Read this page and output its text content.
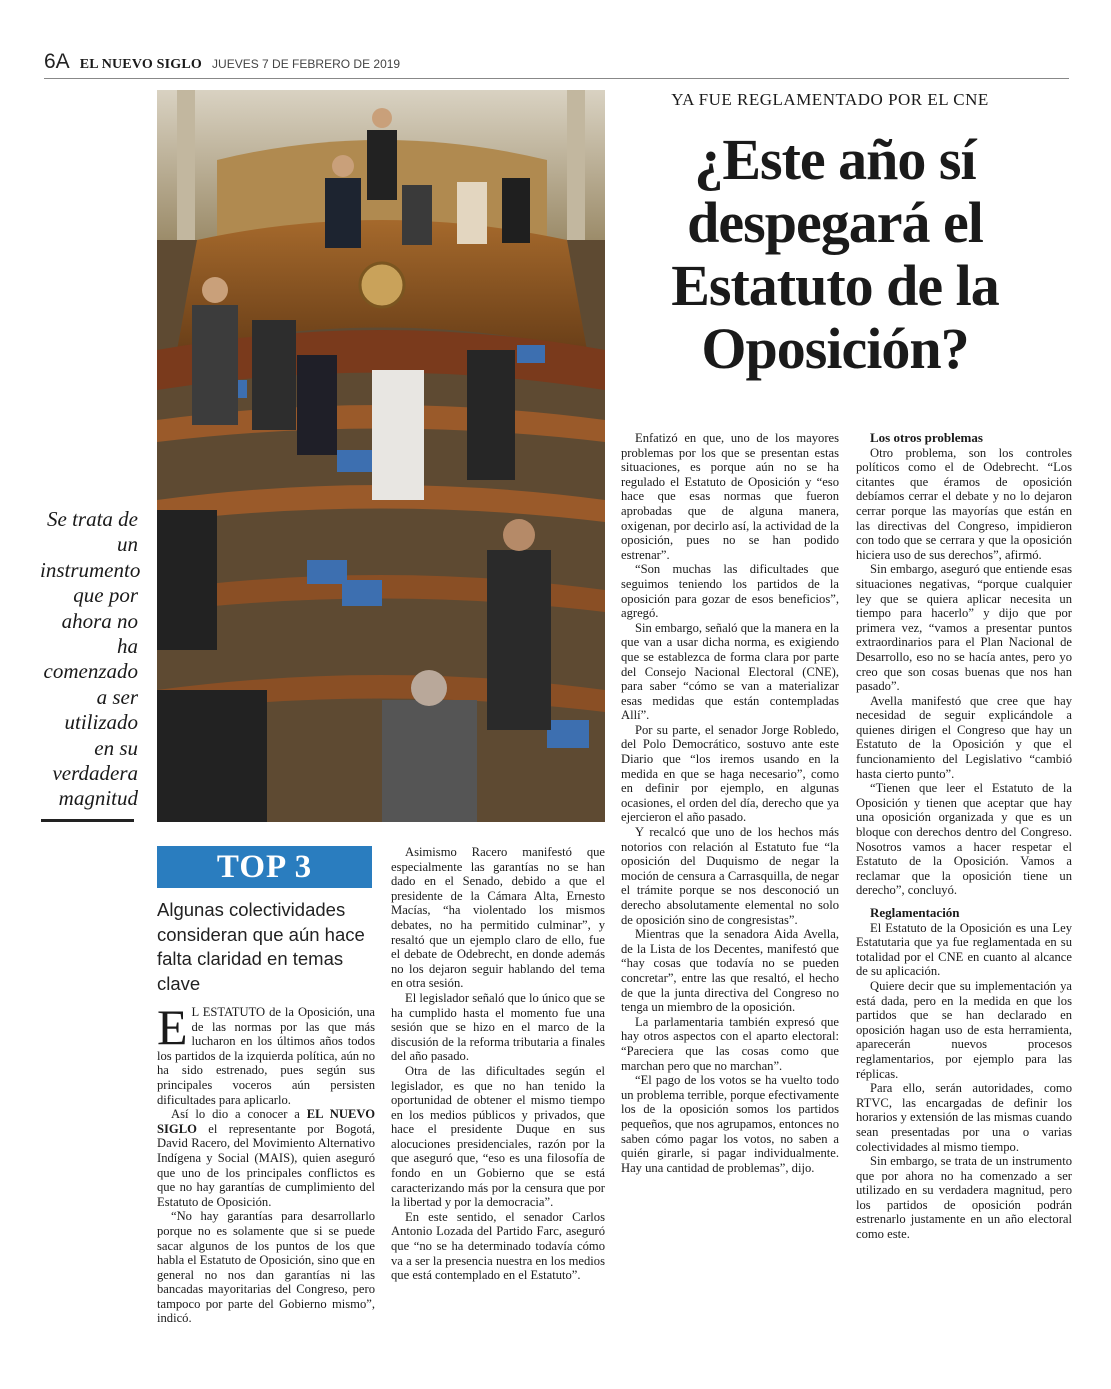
6A EL NUEVO SIGLO JUEVES 7 DE FEBRERO DE 2019
YA FUE REGLAMENTADO POR EL CNE
¿Este año sí despegará el Estatuto de la Oposición?
Se trata de un instrumento que por ahora no ha comenzado a ser utilizado en su verdadera magnitud
TOP 3
Algunas colectividades consideran que aún hace falta claridad en temas clave

E L ESTATUTO de la Oposición, una de las normas por las que más lucharon en los últimos años todos los partidos de la izquierda política, aún no ha sido estrenado, pues según sus principales voceros aún persisten dificultades para aplicarlo.

Así lo dio a conocer a EL NUEVO SIGLO el representante por Bogotá, David Racero, del Movimiento Alternativo Indígena y Social (MAIS), quien aseguró que uno de los principales conflictos es que no hay garantías de cumplimiento del Estatuto de Oposición.

“No hay garantías para desarrollarlo porque no es solamente que si se puede sacar algunos de los puntos de los que habla el Estatuto de Oposición, sino que en general no nos dan garantías ni las bancadas mayoritarias del Congreso, pero tampoco por parte del Gobierno mismo”, indicó.

Asimismo Racero manifestó que especialmente las garantías no se han dado en el Senado, debido a que el presidente de la Cámara Alta, Ernesto Macías, “ha violentado los mismos debates, no ha permitido culminar”, y resaltó que un ejemplo claro de ello, fue el debate de Odebrecht, en donde además no los dejaron seguir hablando del tema en otra sesión.

El legislador señaló que lo único que se ha cumplido hasta el momento fue una sesión que se hizo en el marco de la discusión de la reforma tributaria a finales del año pasado.

Otra de las dificultades según el legislador, es que no han tenido la oportunidad de obtener el mismo tiempo en los medios públicos y privados, que hace el presidente Duque en sus alocuciones presidenciales, razón por la que aseguró que, “eso es una filosofía de fondo en un Gobierno que se está caracterizando más por la censura que por la libertad y por la democracia”.

En este sentido, el senador Carlos Antonio Lozada del Partido Farc, aseguró que “no se ha determinado todavía cómo va a ser la presencia nuestra en los medios que está contemplado en el Estatuto”.

Enfatizó en que, uno de los mayores problemas por los que se presentan estas situaciones, es porque aún no se ha regulado el Estatuto de Oposición y “eso hace que esas normas que fueron aprobadas que de alguna manera, oxigenan, por decirlo así, la actividad de la oposición, pues no se han podido estrenar”.

“Son muchas las dificultades que seguimos teniendo los partidos de la oposición para gozar de esos beneficios”, agregó.

Sin embargo, señaló que la manera en la que van a usar dicha norma, es exigiendo que se establezca de forma clara por parte del Consejo Nacional Electoral (CNE), para saber “cómo se van a materializar esas medidas que están contempladas Allí”.

Por su parte, el senador Jorge Robledo, del Polo Democrático, sostuvo ante este Diario que “los iremos usando en la medida en que se haga necesario”, como en definir por ejemplo, en algunas ocasiones, el orden del día, derecho que ya ejercieron el año pasado.

Y recalcó que uno de los hechos más notorios con relación al Estatuto fue “la oposición del Duquismo de negar la moción de censura a Carrasquilla, de negar el trámite porque se nos desconoció un derecho absolutamente elemental no solo de oposición sino de congresistas”.

Mientras que la senadora Aida Avella, de la Lista de los Decentes, manifestó que “hay cosas que todavía no se pueden concretar”, entre las que resaltó, el hecho de que la junta directiva del Congreso no tenga un miembro de la oposición.

La parlamentaria también expresó que hay otros aspectos con el aparto electoral: “Pareciera que las cosas como que marchan pero que no marchan”.

“El pago de los votos se ha vuelto todo un problema terrible, porque efectivamente los de la oposición somos los partidos pequeños, que nos agrupamos, entonces no saben cómo pagar los votos, no saben a quién girarle, si pagar individualmente. Hay una cantidad de problemas”, dijo.

Los otros problemas

Otro problema, son los controles políticos como el de Odebrecht. “Los citantes que éramos de oposición debíamos cerrar el debate y no lo dejaron cerrar porque las mayorías que están en las directivas del Congreso, impidieron con todo que se cerrara y que la oposición hiciera uso de sus derechos”, afirmó.

Sin embargo, aseguró que entiende esas situaciones negativas, “porque cualquier ley que se quiera aplicar necesita un tiempo para hacerlo” y dijo que por primera vez, “vamos a presentar puntos extraordinarios para el Plan Nacional de Desarrollo, eso no se hacía antes, pero yo creo que son cosas buenas que nos han pasado”.

Avella manifestó que cree que hay necesidad de seguir explicándole a quienes dirigen el Congreso que hay un Estatuto de la Oposición y que el funcionamiento del Legislativo “cambió hasta cierto punto”.

“Tienen que leer el Estatuto de la Oposición y tienen que aceptar que hay una oposición organizada y que es un bloque con derechos dentro del Congreso. Nosotros vamos a hacer respetar el Estatuto de la Oposición. Vamos a reclamar que la oposición tiene un derecho”, concluyó.

Reglamentación

El Estatuto de la Oposición es una Ley Estatutaria que ya fue reglamentada en su totalidad por el CNE en cuanto al alcance de su aplicación.

Quiere decir que su implementación ya está dada, pero en la medida en que los partidos que se han declarado en oposición hagan uso de esta herramienta, aparecerán nuevos procesos reglamentarios, por ejemplo para las réplicas.

Para ello, serán autoridades, como RTVC, las encargadas de definir los horarios y extensión de las mismas cuando sean presentadas por una o varias colectividades al mismo tiempo.

Sin embargo, se trata de un instrumento que por ahora no ha comenzado a ser utilizado en su verdadera magnitud, pero los partidos de oposición podrán estrenarlo justamente en un año electoral como este.
